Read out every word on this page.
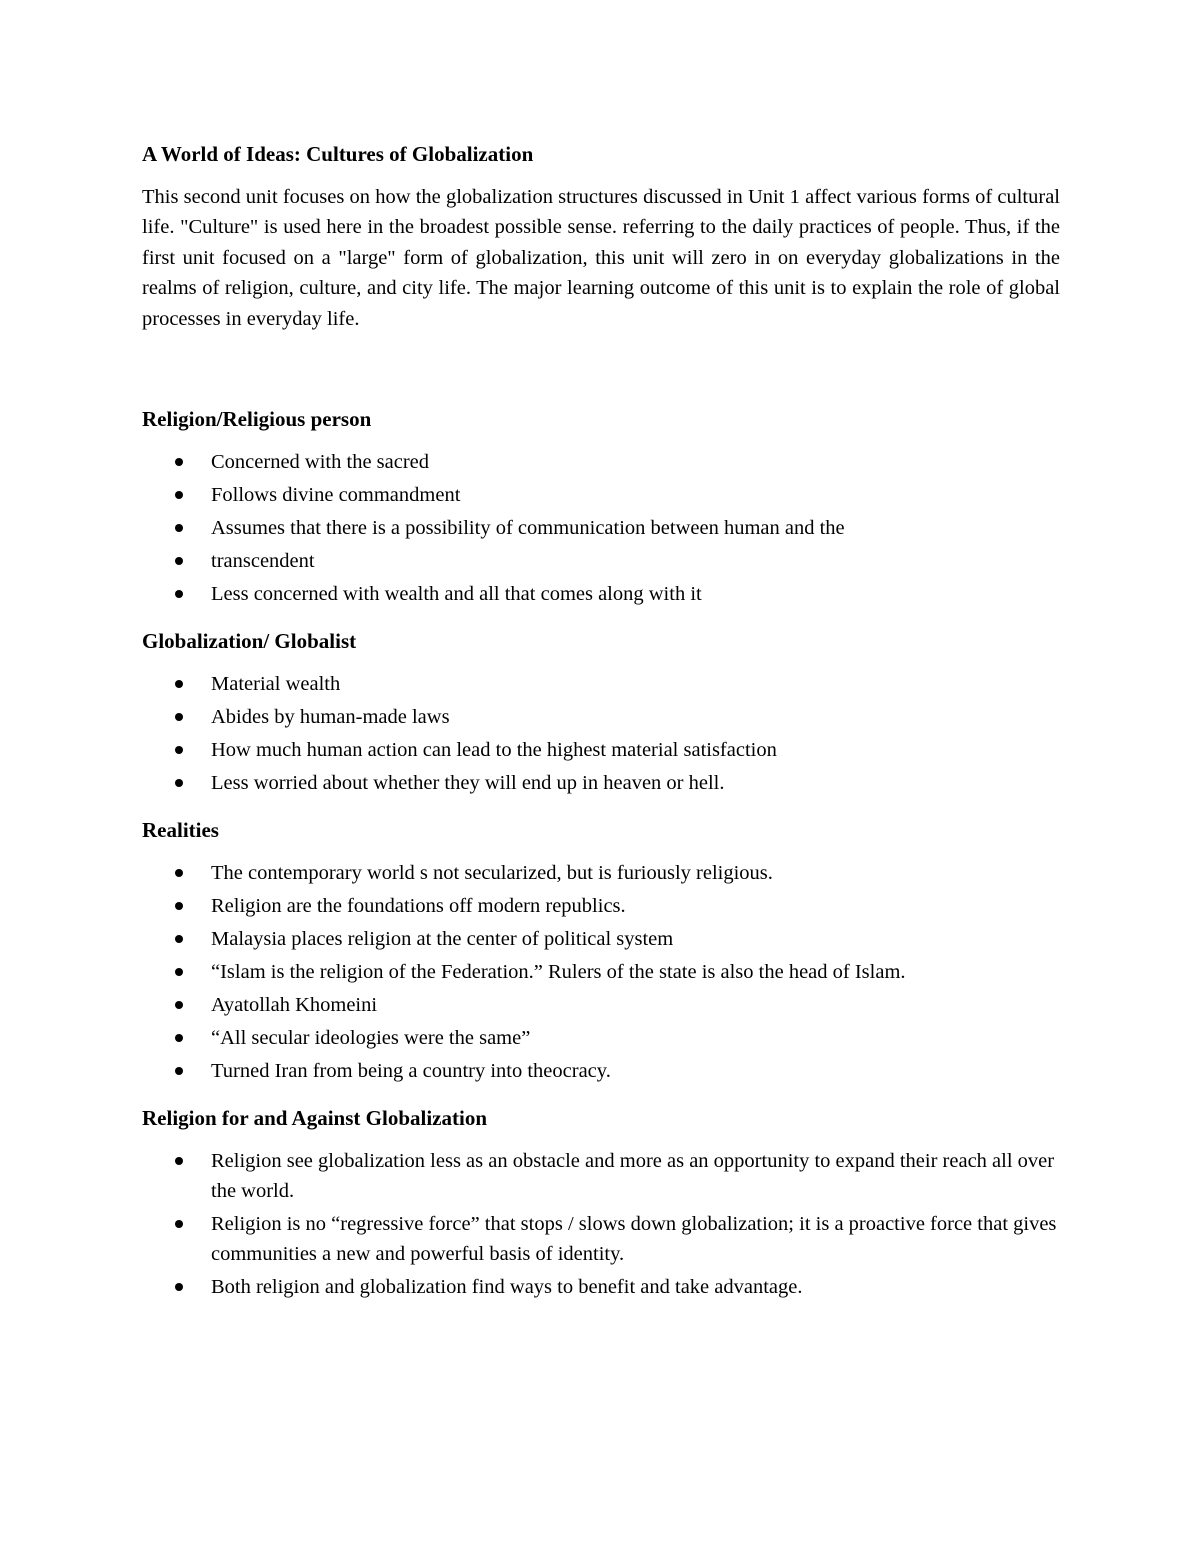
A World of Ideas: Cultures of Globalization

This second unit focuses on how the globalization structures discussed in Unit 1 affect various forms of cultural life. "Culture" is used here in the broadest possible sense. referring to the daily practices of people. Thus, if the first unit focused on a "large" form of globalization, this unit will zero in on everyday globalizations in the realms of religion, culture, and city life. The major learning outcome of this unit is to explain the role of global processes in everyday life.

Religion/Religious person
Concerned with the sacred
Follows divine commandment
Assumes that there is a possibility of communication between human and the
transcendent
Less concerned with wealth and all that comes along with it
Globalization/ Globalist
Material wealth
Abides by human-made laws
How much human action can lead to the highest material satisfaction
Less worried about whether they will end up in heaven or hell.
Realities
The contemporary world s not secularized, but is furiously religious.
Religion are the foundations off modern republics.
Malaysia places religion at the center of political system
“Islam is the religion of the Federation.” Rulers of the state is also the head of Islam.
Ayatollah Khomeini
“All secular ideologies were the same”
Turned Iran from being a country into theocracy.
Religion for and Against Globalization
Religion see globalization less as an obstacle and more as an opportunity to expand their reach all over the world.
Religion is no “regressive force” that stops / slows down globalization; it is a proactive force that gives communities a new and powerful basis of identity.
Both religion and globalization find ways to benefit and take advantage.
